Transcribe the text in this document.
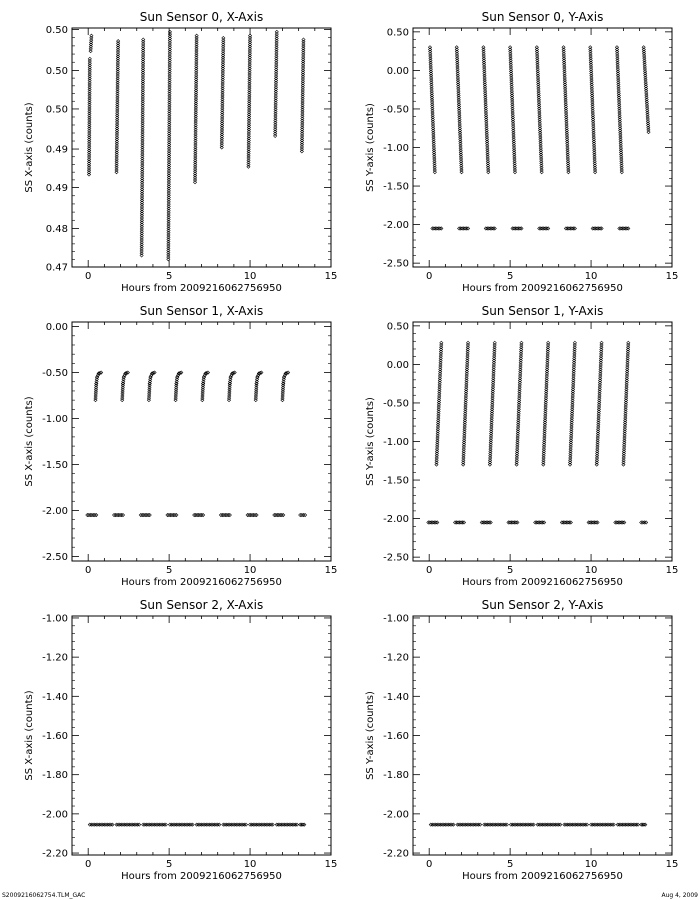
Sun Sensor 0, X-Axis
Hours from 2009216062756950
SS X-axis (counts)
0	5	10	15
0.47
0.48
0.49
0.49
0.50
0.50
0.50
Sun Sensor 0, Y-Axis
Hours from 2009216062756950
SS Y-axis (counts)
0	5	10	15
-2.50
-2.00
-1.50
-1.00
-0.50
0.00
0.50
Sun Sensor 1, X-Axis
Hours from 2009216062756950
SS X-axis (counts)
0	5	10	15
-2.50
-2.00
-1.50
-1.00
-0.50
0.00
Sun Sensor 1, Y-Axis
Hours from 2009216062756950
SS Y-axis (counts)
0	5	10	15
-2.50
-2.00
-1.50
-1.00
-0.50
0.00
0.50
Sun Sensor 2, X-Axis
Hours from 2009216062756950
SS X-axis (counts)
0	5	10	15
-2.20
-2.00
-1.80
-1.60
-1.40
-1.20
-1.00
Sun Sensor 2, Y-Axis
Hours from 2009216062756950
SS Y-axis (counts)
0	5	10	15
-2.20
-2.00
-1.80
-1.60
-1.40
-1.20
-1.00
S2009216062754.TLM_GAC	Aug 4, 2009
